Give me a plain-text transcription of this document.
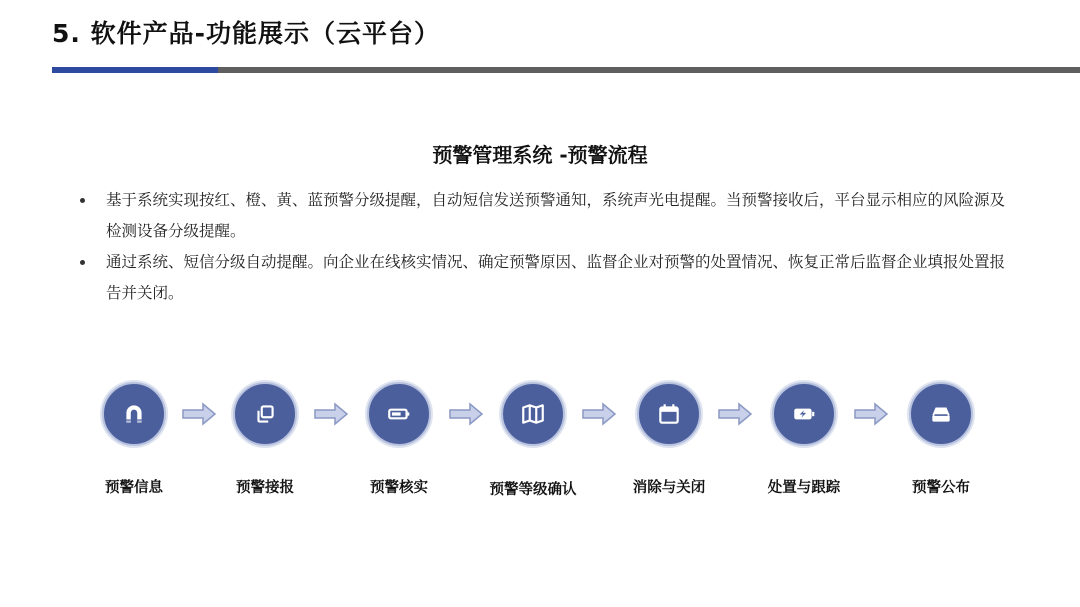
5. 软件产品-功能展示（云平台）
预警管理系统 -预警流程
基于系统实现按红、橙、黄、蓝预警分级提醒，自动短信发送预警通知，系统声光电提醒。当预警接收后，平台显示相应的风险源及检测设备分级提醒。
通过系统、短信分级自动提醒。向企业在线核实情况、确定预警原因、监督企业对预警的处置情况、恢复正常后监督企业填报处置报告并关闭。
预警信息	预警接报	预警核实	预警等级确认	消除与关闭	处置与跟踪	预警公布
